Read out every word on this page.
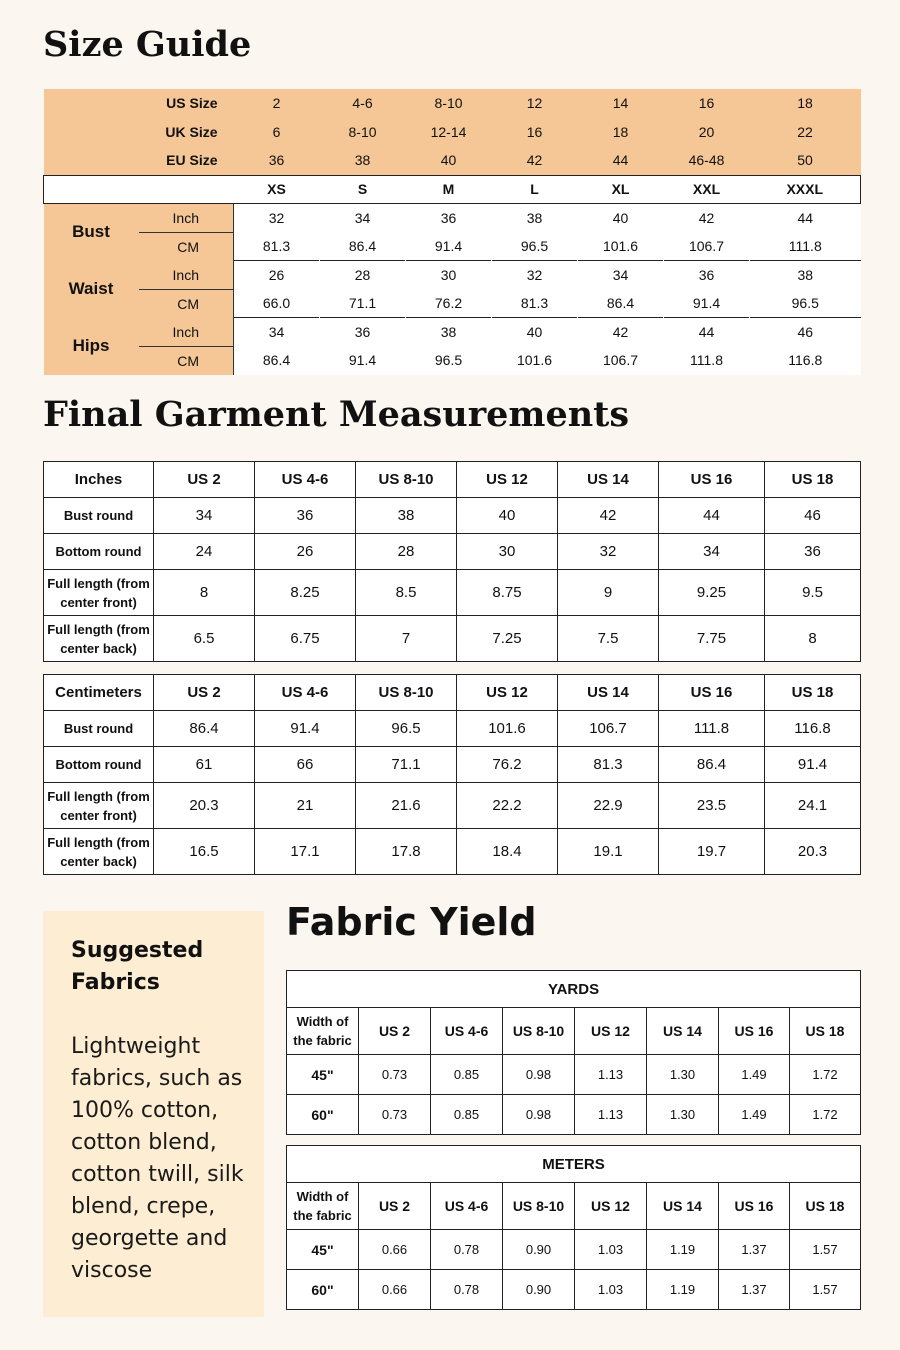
Size Guide
US Size		2	4-6	8-10	12	14	16	18
UK Size		6	8-10	12-14	16	18	20	22
EU Size		36	38	40	42	44	46-48	50
		XS	S	M	L	XL	XXL	XXXL
Bust	Inch	32	34	36	38	40	42	44
	CM	81.3	86.4	91.4	96.5	101.6	106.7	111.8
Waist	Inch	26	28	30	32	34	36	38
	CM	66.0	71.1	76.2	81.3	86.4	91.4	96.5
Hips	Inch	34	36	38	40	42	44	46
	CM	86.4	91.4	96.5	101.6	106.7	111.8	116.8
Final Garment Measurements
Inches	US 2	US 4-6	US 8-10	US 12	US 14	US 16	US 18
Bust round	34	36	38	40	42	44	46
Bottom round	24	26	28	30	32	34	36
Full length (from center front)	8	8.25	8.5	8.75	9	9.25	9.5
Full length (from center back)	6.5	6.75	7	7.25	7.5	7.75	8
Centimeters	US 2	US 4-6	US 8-10	US 12	US 14	US 16	US 18
Bust round	86.4	91.4	96.5	101.6	106.7	111.8	116.8
Bottom round	61	66	71.1	76.2	81.3	86.4	91.4
Full length (from center front)	20.3	21	21.6	22.2	22.9	23.5	24.1
Full length (from center back)	16.5	17.1	17.8	18.4	19.1	19.7	20.3
Suggested Fabrics
Lightweight fabrics, such as 100% cotton, cotton blend, cotton twill, silk blend, crepe, georgette and viscose
Fabric Yield
YARDS							
Width of the fabric	US 2	US 4-6	US 8-10	US 12	US 14	US 16	US 18
45"	0.73	0.85	0.98	1.13	1.30	1.49	1.72
60"	0.73	0.85	0.98	1.13	1.30	1.49	1.72
METERS							
Width of the fabric	US 2	US 4-6	US 8-10	US 12	US 14	US 16	US 18
45"	0.66	0.78	0.90	1.03	1.19	1.37	1.57
60"	0.66	0.78	0.90	1.03	1.19	1.37	1.57
